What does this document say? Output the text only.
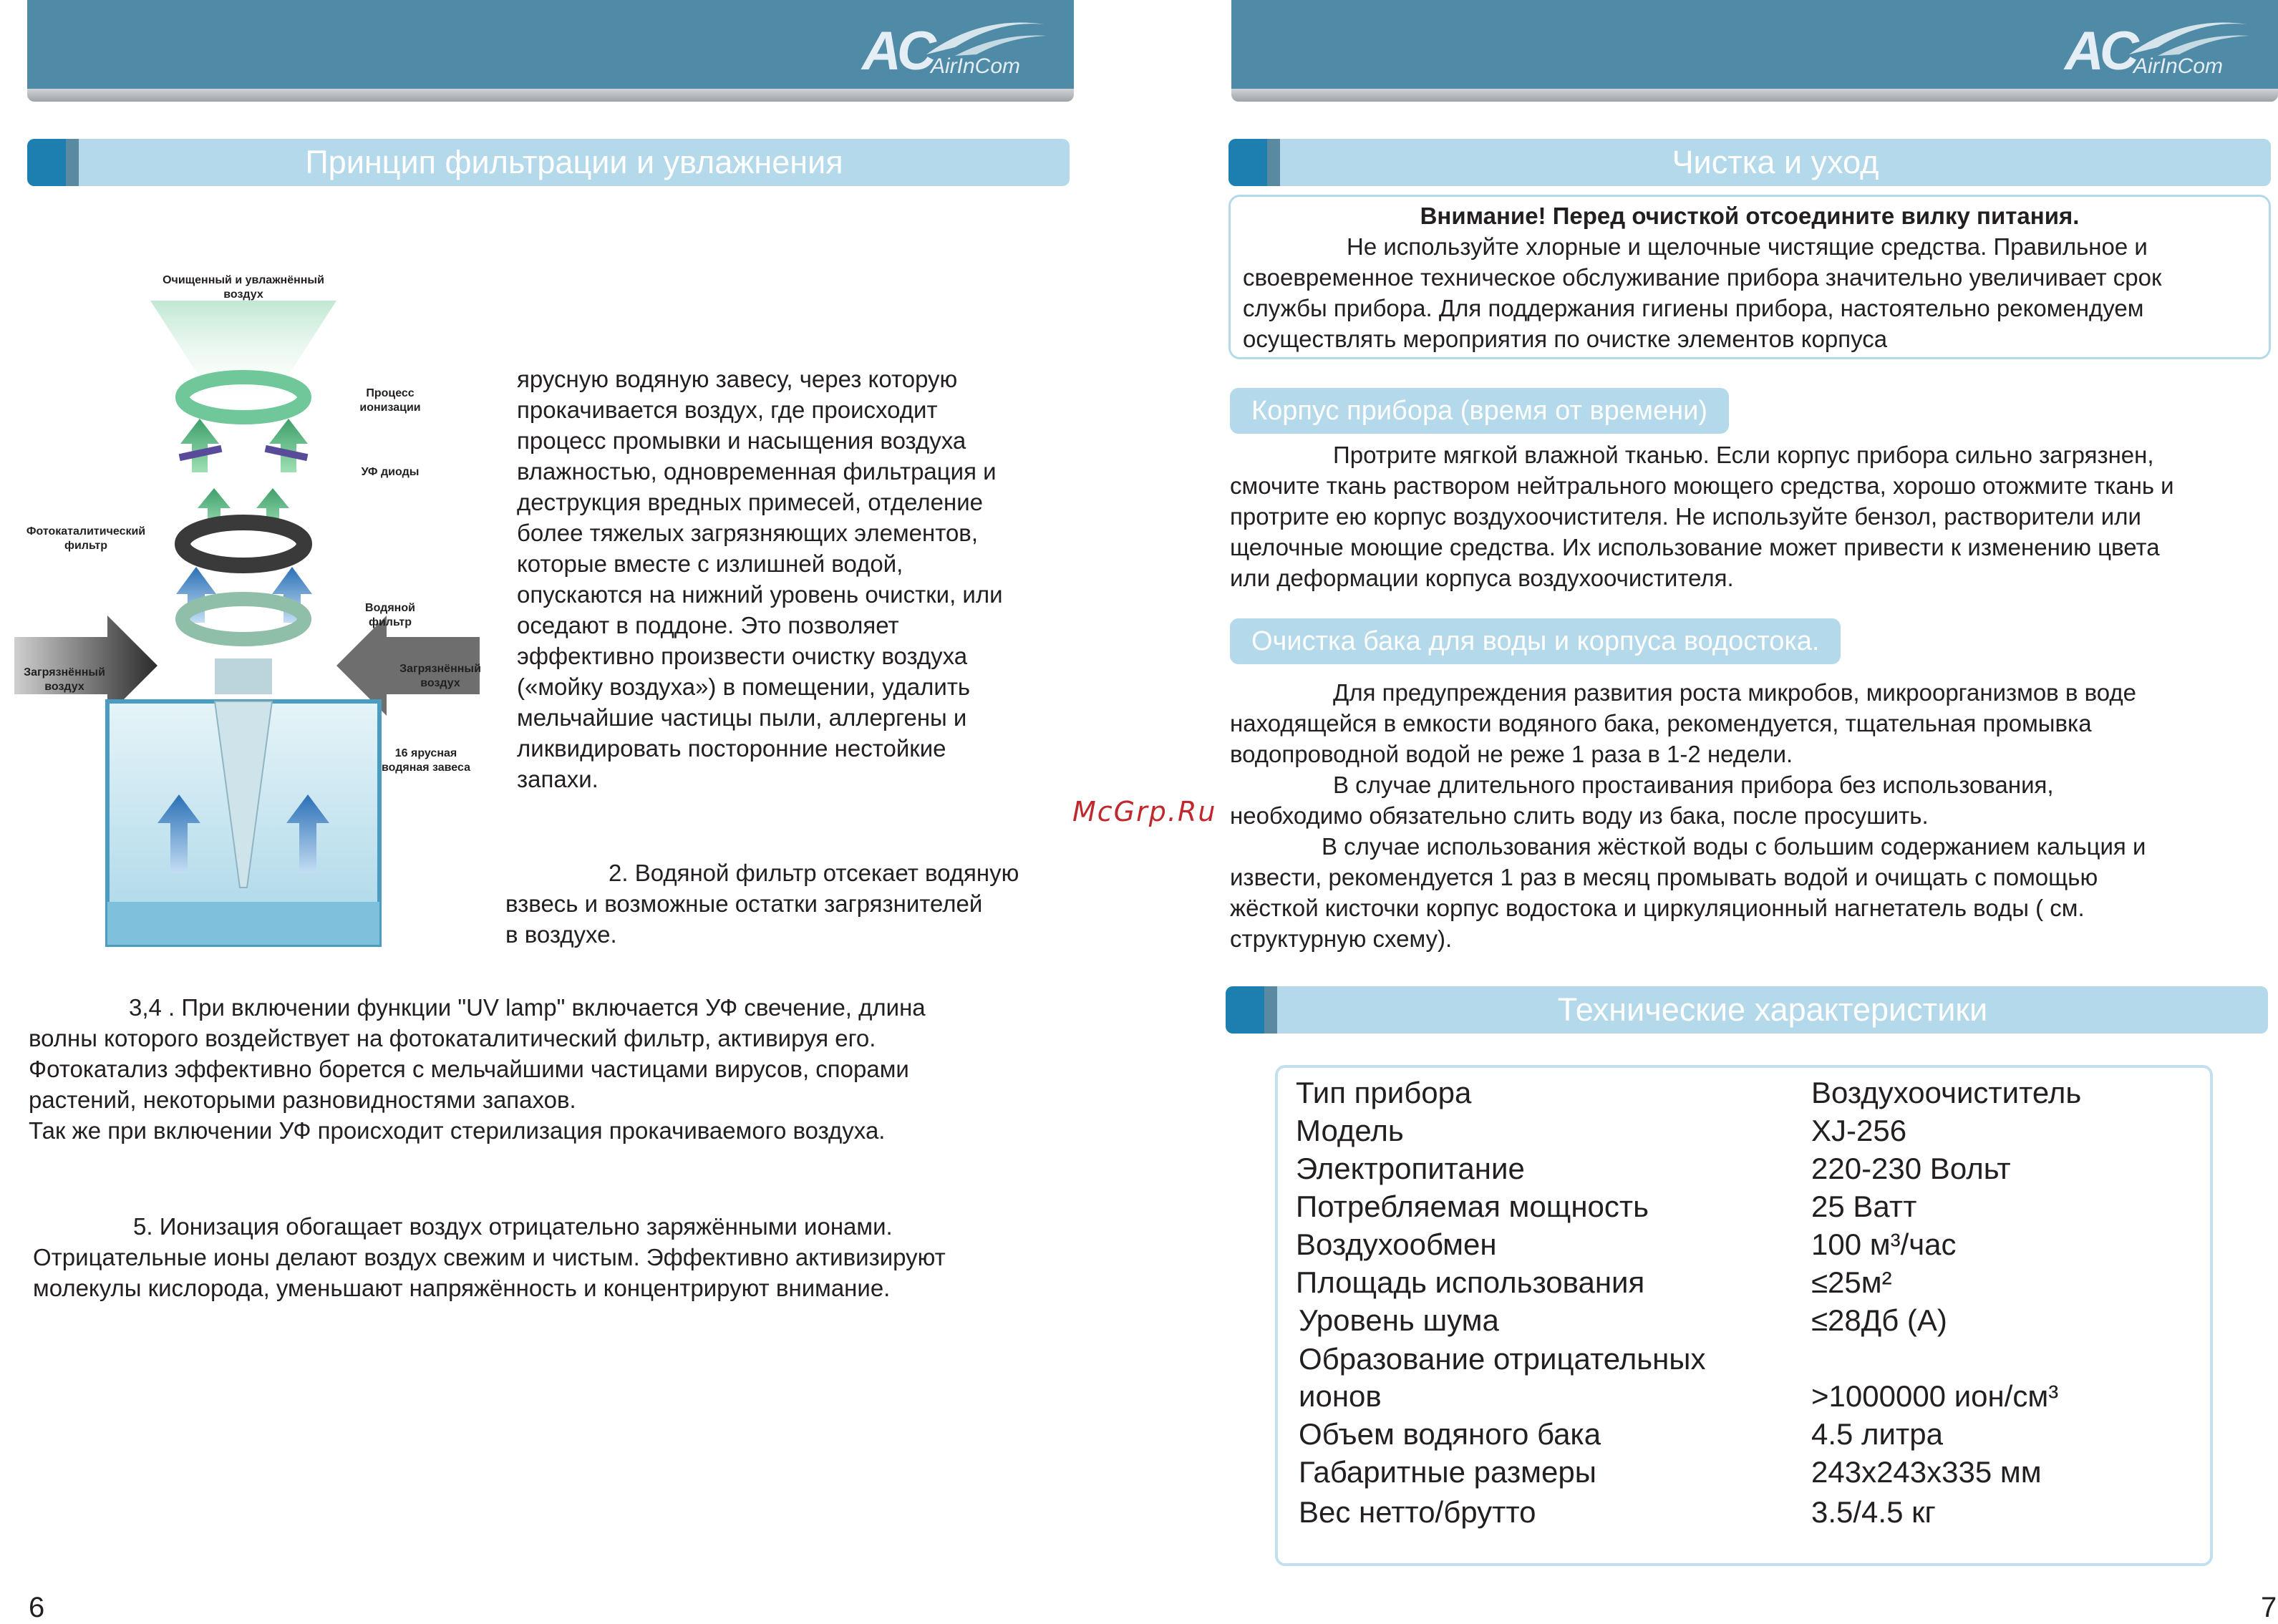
AC
AirInCom
Принцип фильтрации и увлажнения
Очищенный и увлажнённый воздух
Процесс ионизации
УФ диоды
Фотокаталитический фильтр
Водяной фильтр
Загрязнённый воздух
Загрязнённый воздух
16 ярусная водяная завеса

ярусную водяную завесу, через которую

прокачивается воздух, где происходит

процесс промывки и насыщения воздуха

влажностью, одновременная фильтрация и

деструкция вредных примесей, отделение

более тяжелых загрязняющих элементов,

которые вместе с излишней водой,

опускаются на нижний уровень очистки, или

оседают в поддоне. Это позволяет

эффективно произвести очистку воздуха

(«мойку воздуха») в помещении, удалить

мельчайшие частицы пыли, аллергены и

ликвидировать посторонние нестойкие

запахи.

2. Водяной фильтр отсекает водяную

взвесь и возможные остатки загрязнителей

в воздухе.

3,4 . При включении функции "UV lamp" включается УФ свечение, длина

волны которого воздействует на фотокаталитический фильтр, активируя его.

Фотокатализ эффективно борется с мельчайшими частицами вирусов, спорами

растений, некоторыми разновидностями запахов.

Так же при включении УФ происходит стерилизация прокачиваемого воздуха.

5. Ионизация обогащает воздух отрицательно заряжёнными ионами.

Отрицательные ионы делают воздух свежим и чистым. Эффективно активизируют

молекулы кислорода, уменьшают напряжённость и концентрируют внимание.

6
McGrp.Ru
AC
AirInCom
Чистка и уход
Внимание! Перед очисткой отсоедините вилку питания.

Не используйте хлорные и щелочные чистящие средства. Правильное и

своевременное техническое обслуживание прибора значительно увеличивает срок

службы прибора. Для поддержания гигиены прибора, настоятельно рекомендуем

осуществлять мероприятия по очистке элементов корпуса

Корпус прибора (время от времени)

Протрите мягкой влажной тканью. Если корпус прибора сильно загрязнен,

смочите ткань раствором нейтрального моющего средства, хорошо отожмите ткань и

протрите ею корпус воздухоочистителя. Не используйте бензол, растворители или

щелочные моющие средства. Их использование может привести к изменению цвета

или деформации корпуса воздухоочистителя.

Очистка бака для воды и корпуса водостока.

Для предупреждения развития роста микробов, микроорганизмов в воде

находящейся в емкости водяного бака, рекомендуется, тщательная промывка

водопроводной водой не реже 1 раза в 1-2 недели.

В случае длительного простаивания прибора без использования,

необходимо обязательно слить воду из бака, после просушить.

В случае использования жёсткой воды с большим содержанием кальция и

извести, рекомендуется 1 раз в месяц промывать водой и очищать с помощью

жёсткой кисточки корпус водостока и циркуляционный нагнетатель воды ( см.

структурную схему).

Технические характеристики
Тип прибора	Воздухоочиститель
Модель	XJ-256
Электропитание	220-230 Вольт
Потребляемая мощность	25 Ватт
Воздухообмен	100 м³/час
Площадь использования	≤25м²
Уровень шума	≤28Дб (А)
Образование отрицательных
ионов	>1000000 ион/см³
Объем водяного бака	4.5 литра
Габаритные размеры	243х243х335 мм
Вес нетто/брутто	3.5/4.5 кг
7
